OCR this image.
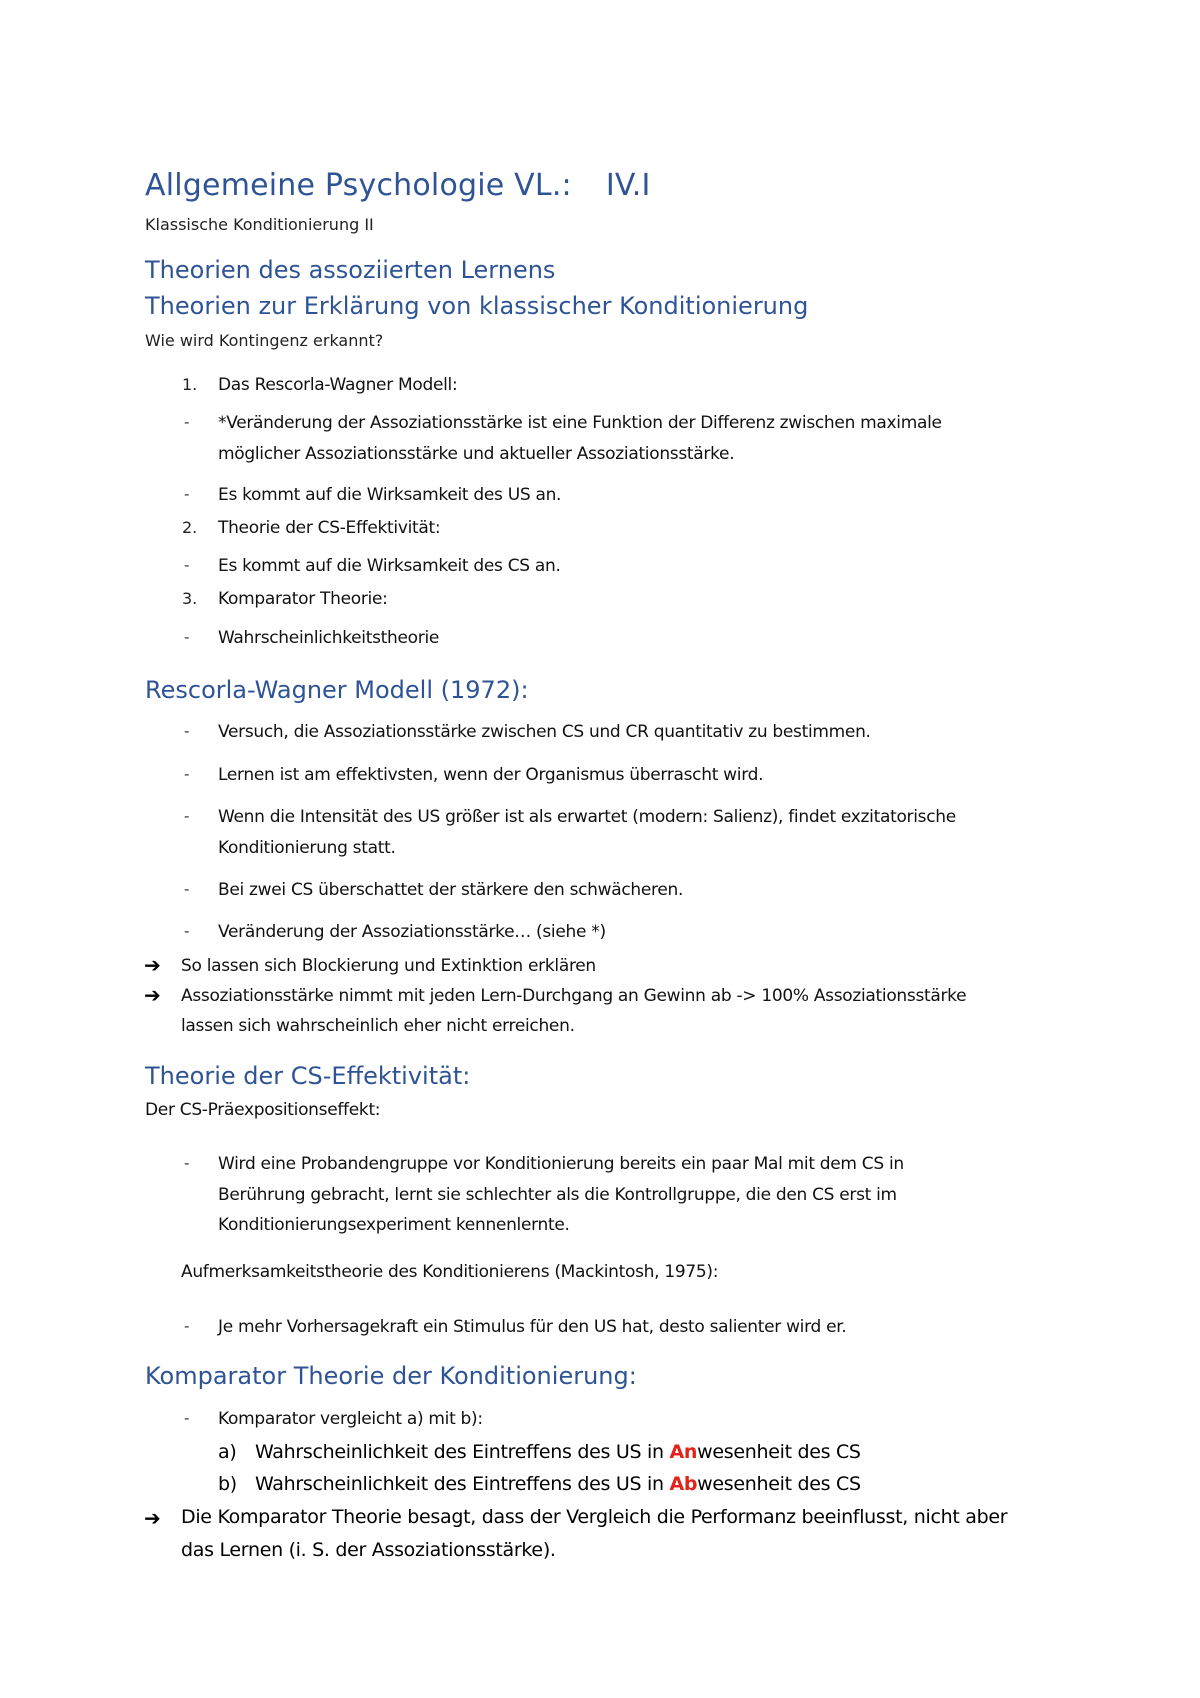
Allgemeine Psychologie VL.: IV.I
Klassische Konditionierung II
Theorien des assoziierten Lernens
Theorien zur Erklärung von klassischer Konditionierung
Wie wird Kontingenz erkannt?
1. Das Rescorla-Wagner Modell:
- *Veränderung der Assoziationsstärke ist eine Funktion der Differenz zwischen maximale
möglicher Assoziationsstärke und aktueller Assoziationsstärke.
- Es kommt auf die Wirksamkeit des US an.
2. Theorie der CS-Effektivität:
- Es kommt auf die Wirksamkeit des CS an.
3. Komparator Theorie:
- Wahrscheinlichkeitstheorie
Rescorla-Wagner Modell (1972):
- Versuch, die Assoziationsstärke zwischen CS und CR quantitativ zu bestimmen.
- Lernen ist am effektivsten, wenn der Organismus überrascht wird.
- Wenn die Intensität des US größer ist als erwartet (modern: Salienz), findet exzitatorische
Konditionierung statt.
- Bei zwei CS überschattet der stärkere den schwächeren.
- Veränderung der Assoziationsstärke… (siehe *)
➔ So lassen sich Blockierung und Extinktion erklären
➔ Assoziationsstärke nimmt mit jeden Lern-Durchgang an Gewinn ab -> 100% Assoziationsstärke
lassen sich wahrscheinlich eher nicht erreichen.
Theorie der CS-Effektivität:
Der CS-Präexpositionseffekt:
- Wird eine Probandengruppe vor Konditionierung bereits ein paar Mal mit dem CS in
Berührung gebracht, lernt sie schlechter als die Kontrollgruppe, die den CS erst im
Konditionierungsexperiment kennenlernte.
Aufmerksamkeitstheorie des Konditionierens (Mackintosh, 1975):
- Je mehr Vorhersagekraft ein Stimulus für den US hat, desto salienter wird er.
Komparator Theorie der Konditionierung:
- Komparator vergleicht a) mit b):
a) Wahrscheinlichkeit des Eintreffens des US in Anwesenheit des CS
b) Wahrscheinlichkeit des Eintreffens des US in Abwesenheit des CS
➔ Die Komparator Theorie besagt, dass der Vergleich die Performanz beeinflusst, nicht aber
das Lernen (i. S. der Assoziationsstärke).
